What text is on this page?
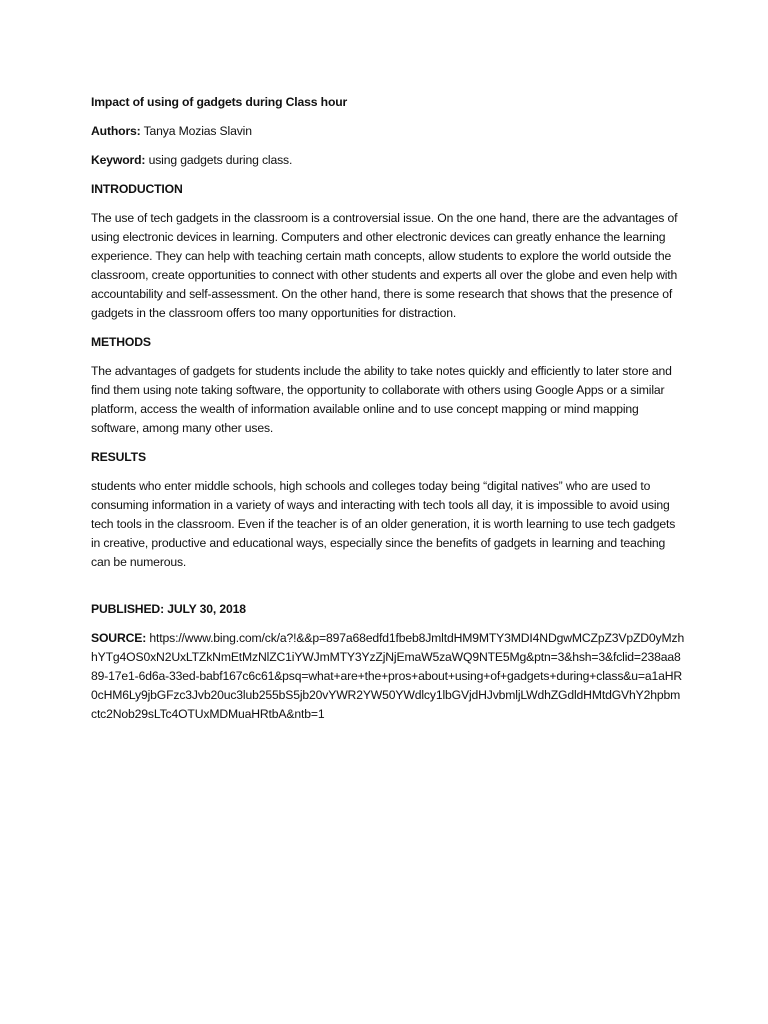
Impact of using of gadgets during Class hour
Authors: Tanya Mozias Slavin
Keyword: using gadgets during class.
INTRODUCTION
The use of tech gadgets in the classroom is a controversial issue. On the one hand, there are the advantages of using electronic devices in learning. Computers and other electronic devices can greatly enhance the learning experience. They can help with teaching certain math concepts, allow students to explore the world outside the classroom, create opportunities to connect with other students and experts all over the globe and even help with accountability and self-assessment. On the other hand, there is some research that shows that the presence of gadgets in the classroom offers too many opportunities for distraction.
METHODS
The advantages of gadgets for students include the ability to take notes quickly and efficiently to later store and find them using note taking software, the opportunity to collaborate with others using Google Apps or a similar platform, access the wealth of information available online and to use concept mapping or mind mapping software, among many other uses.
RESULTS
students who enter middle schools, high schools and colleges today being “digital natives” who are used to consuming information in a variety of ways and interacting with tech tools all day, it is impossible to avoid using tech tools in the classroom. Even if the teacher is of an older generation, it is worth learning to use tech gadgets in creative, productive and educational ways, especially since the benefits of gadgets in learning and teaching can be numerous.
PUBLISHED: JULY 30, 2018
SOURCE: https://www.bing.com/ck/a?!&&p=897a68edfd1fbeb8JmltdHM9MTY3MDI4NDgwMCZpZ3VpZD0yMzhhYTg4OS0xN2UxLTZkNmEtMzNlZC1iYWJmMTY3YzZjNjEmaW5zaWQ9NTE5Mg&ptn=3&hsh=3&fclid=238aa889-17e1-6d6a-33ed-babf167c6c61&psq=what+are+the+pros+about+using+of+gadgets+during+class&u=a1aHR0cHM6Ly9jbGFzc3Jvb20uc3lub255bS5jb20vYWR2YW50YWdlcy1lbGVjdHJvbmljLWdhZGdldHMtdGVhY2hpbmctc2Nob29sLTc4OTUxMDMuaHRtbA&ntb=1
